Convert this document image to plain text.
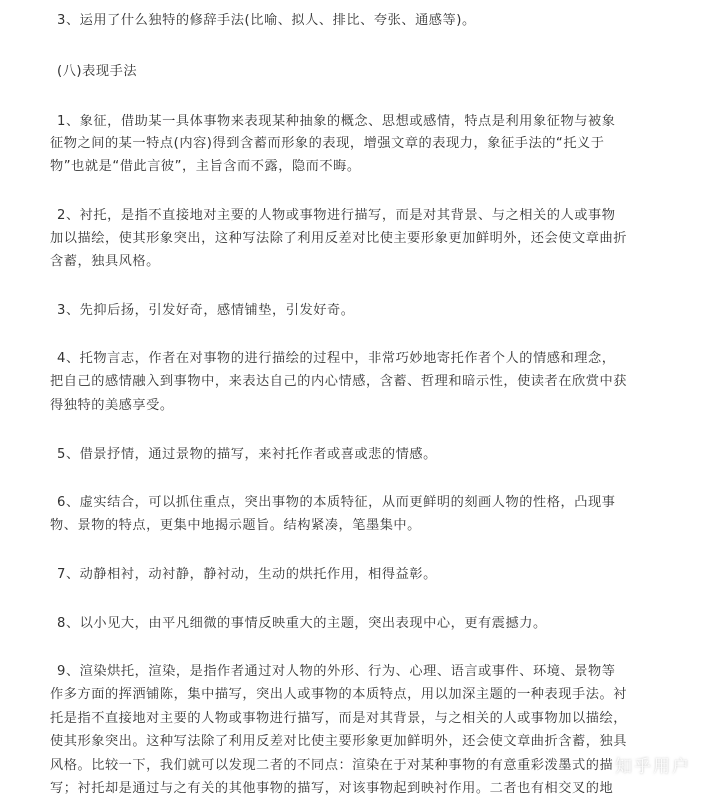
3、运用了什么独特的修辞手法(比喻、拟人、排比、夸张、通感等)。
(八)表现手法
1、象征，借助某一具体事物来表现某种抽象的概念、思想或感情，特点是利用象征物与被象
征物之间的某一特点(内容)得到含蓄而形象的表现，增强文章的表现力，象征手法的“托义于
物”也就是“借此言彼”，主旨含而不露，隐而不晦。
2、衬托，是指不直接地对主要的人物或事物进行描写，而是对其背景、与之相关的人或事物
加以描绘，使其形象突出，这种写法除了利用反差对比使主要形象更加鲜明外，还会使文章曲折
含蓄，独具风格。
3、先抑后扬，引发好奇，感情铺垫，引发好奇。
4、托物言志，作者在对事物的进行描绘的过程中，非常巧妙地寄托作者个人的情感和理念，
把自己的感情融入到事物中，来表达自己的内心情感，含蓄、哲理和暗示性，使读者在欣赏中获
得独特的美感享受。
5、借景抒情，通过景物的描写，来衬托作者或喜或悲的情感。
6、虚实结合，可以抓住重点，突出事物的本质特征，从而更鲜明的刻画人物的性格，凸现事
物、景物的特点，更集中地揭示题旨。结构紧凑，笔墨集中。
7、动静相衬，动衬静，静衬动，生动的烘托作用，相得益彰。
8、以小见大，由平凡细微的事情反映重大的主题，突出表现中心，更有震撼力。
9、渲染烘托，渲染，是指作者通过对人物的外形、行为、心理、语言或事件、环境、景物等
作多方面的挥洒铺陈，集中描写，突出人或事物的本质特点，用以加深主题的一种表现手法。衬
托是指不直接地对主要的人物或事物进行描写，而是对其背景，与之相关的人或事物加以描绘，
使其形象突出。这种写法除了利用反差对比使主要形象更加鲜明外，还会使文章曲折含蓄，独具
风格。比较一下，我们就可以发现二者的不同点：渲染在于对某种事物的有意重彩泼墨式的描
写；衬托却是通过与之有关的其他事物的描写，对该事物起到映衬作用。二者也有相交叉的地
知乎用户
